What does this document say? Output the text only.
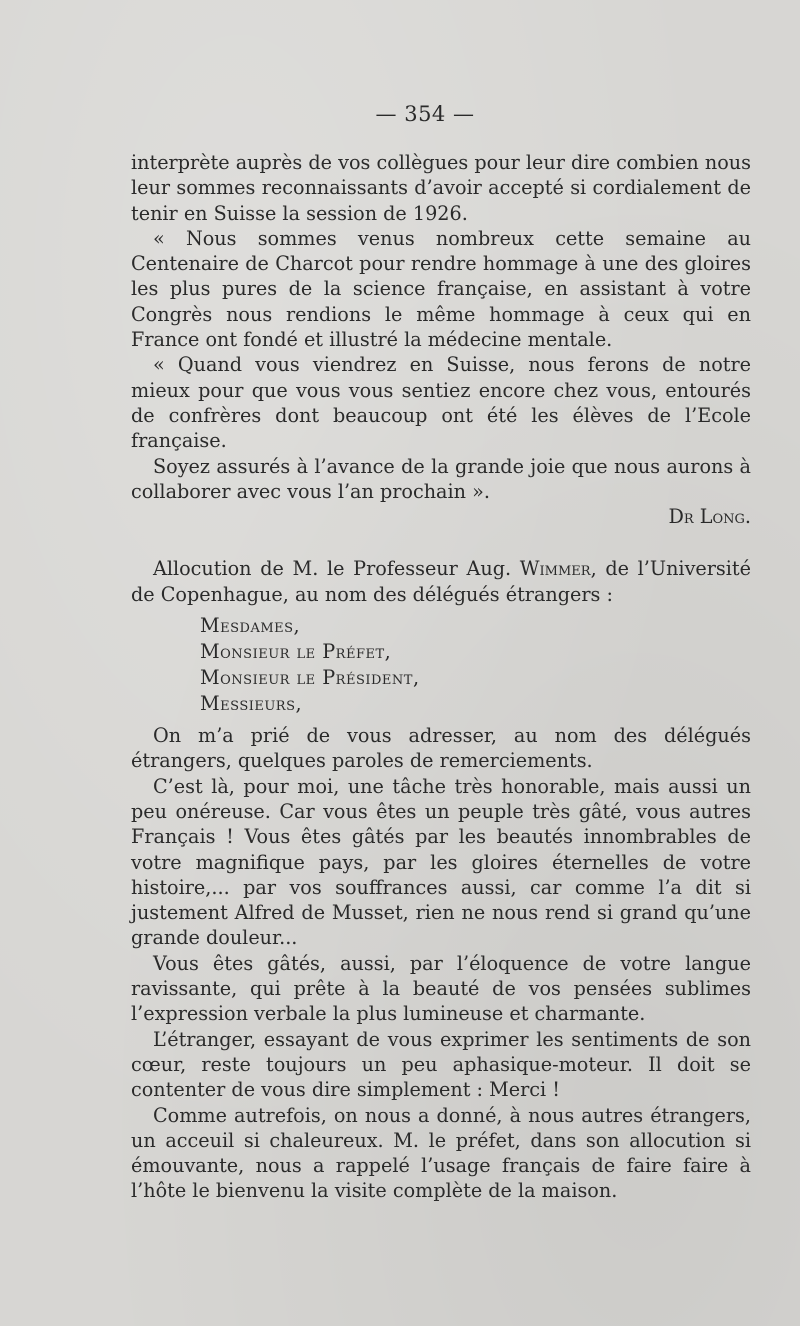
— 354 —

interprète auprès de vos collègues pour leur dire combien nous leur sommes reconnaissants d’avoir accepté si cordialement de tenir en Suisse la session de 1926.

« Nous sommes venus nombreux cette semaine au Centenaire de Charcot pour rendre hommage à une des gloires les plus pures de la science française, en assistant à votre Congrès nous rendions le même hommage à ceux qui en France ont fondé et illustré la médecine mentale.

« Quand vous viendrez en Suisse, nous ferons de notre mieux pour que vous vous sentiez encore chez vous, entourés de confrères dont beaucoup ont été les élèves de l’Ecole française.

Soyez assurés à l’avance de la grande joie que nous aurons à collaborer avec vous l’an prochain ».

Dr Long.

Allocution de M. le Professeur Aug. Wimmer, de l’Université de Copenhague, au nom des délégués étrangers :

Mesdames,
Monsieur le Préfet,
Monsieur le Président,
Messieurs,

On m’a prié de vous adresser, au nom des délégués étrangers, quelques paroles de remerciements.

C’est là, pour moi, une tâche très honorable, mais aussi un peu onéreuse. Car vous êtes un peuple très gâté, vous autres Français ! Vous êtes gâtés par les beautés innombrables de votre magnifique pays, par les gloires éternelles de votre histoire,... par vos souffrances aussi, car comme l’a dit si justement Alfred de Musset, rien ne nous rend si grand qu’une grande douleur...

Vous êtes gâtés, aussi, par l’éloquence de votre langue ravissante, qui prête à la beauté de vos pensées sublimes l’expression verbale la plus lumineuse et charmante.

L’étranger, essayant de vous exprimer les sentiments de son cœur, reste toujours un peu aphasique-moteur. Il doit se contenter de vous dire simplement : Merci !

Comme autrefois, on nous a donné, à nous autres étrangers, un acceuil si chaleureux. M. le préfet, dans son allocution si émouvante, nous a rappelé l’usage français de faire faire à l’hôte le bienvenu la visite complète de la maison.
